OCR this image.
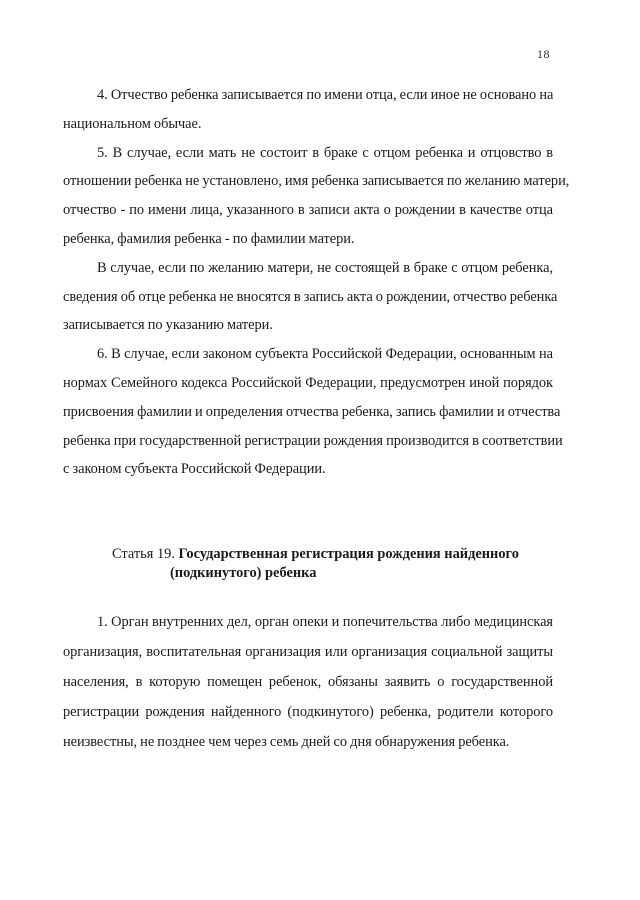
18
4. Отчество ребенка записывается по имени отца, если иное не основано на
национальном обычае.
5. В случае, если мать не состоит в браке с отцом ребенка и отцовство в
отношении ребенка не установлено, имя ребенка записывается по желанию матери,
отчество - по имени лица, указанного в записи акта о рождении в качестве отца
ребенка, фамилия ребенка - по фамилии матери.
В случае, если по желанию матери, не состоящей в браке с отцом ребенка,
сведения об отце ребенка не вносятся в запись акта о рождении, отчество ребенка
записывается по указанию матери.
6. В случае, если законом субъекта Российской Федерации, основанным на
нормах Семейного кодекса Российской Федерации, предусмотрен иной порядок
присвоения фамилии и определения отчества ребенка, запись фамилии и отчества
ребенка при государственной регистрации рождения производится в соответствии
с законом субъекта Российской Федерации.
Статья 19. Государственная регистрация рождения найденного
(подкинутого) ребенка
1. Орган внутренних дел, орган опеки и попечительства либо медицинская
организация, воспитательная организация или организация социальной защиты
населения, в которую помещен ребенок, обязаны заявить о государственной
регистрации рождения найденного (подкинутого) ребенка, родители которого
неизвестны, не позднее чем через семь дней со дня обнаружения ребенка.
